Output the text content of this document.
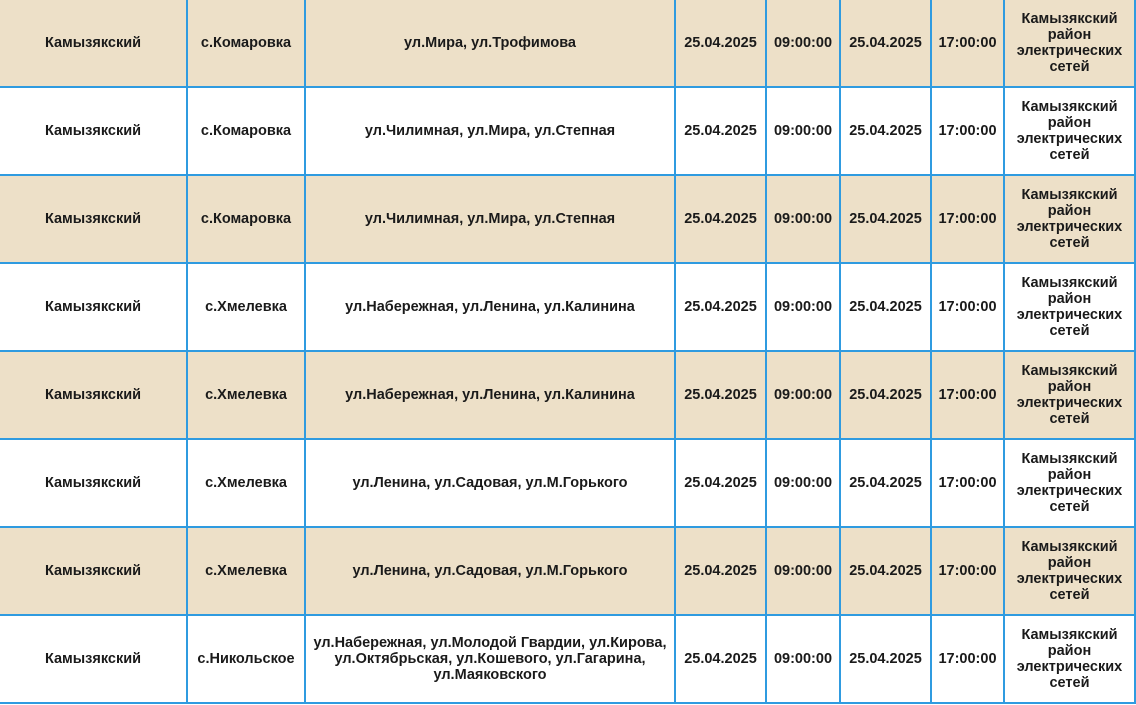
Камызякский	с.Комаровка	ул.Мира, ул.Трофимова	25.04.2025	09:00:00	25.04.2025	17:00:00	Камызякский район электрических сетей	
Камызякский	с.Комаровка	ул.Чилимная, ул.Мира, ул.Степная	25.04.2025	09:00:00	25.04.2025	17:00:00	Камызякский район электрических сетей	
Камызякский	с.Комаровка	ул.Чилимная, ул.Мира, ул.Степная	25.04.2025	09:00:00	25.04.2025	17:00:00	Камызякский район электрических сетей	
Камызякский	с.Хмелевка	ул.Набережная, ул.Ленина, ул.Калинина	25.04.2025	09:00:00	25.04.2025	17:00:00	Камызякский район электрических сетей	
Камызякский	с.Хмелевка	ул.Набережная, ул.Ленина, ул.Калинина	25.04.2025	09:00:00	25.04.2025	17:00:00	Камызякский район электрических сетей	
Камызякский	с.Хмелевка	ул.Ленина, ул.Садовая, ул.М.Горького	25.04.2025	09:00:00	25.04.2025	17:00:00	Камызякский район электрических сетей	
Камызякский	с.Хмелевка	ул.Ленина, ул.Садовая, ул.М.Горького	25.04.2025	09:00:00	25.04.2025	17:00:00	Камызякский район электрических сетей	
Камызякский	с.Никольское	ул.Набережная, ул.Молодой Гвардии, ул.Кирова, ул.Октябрьская, ул.Кошевого, ул.Гагарина, ул.Маяковского	25.04.2025	09:00:00	25.04.2025	17:00:00	Камызякский район электрических сетей	
